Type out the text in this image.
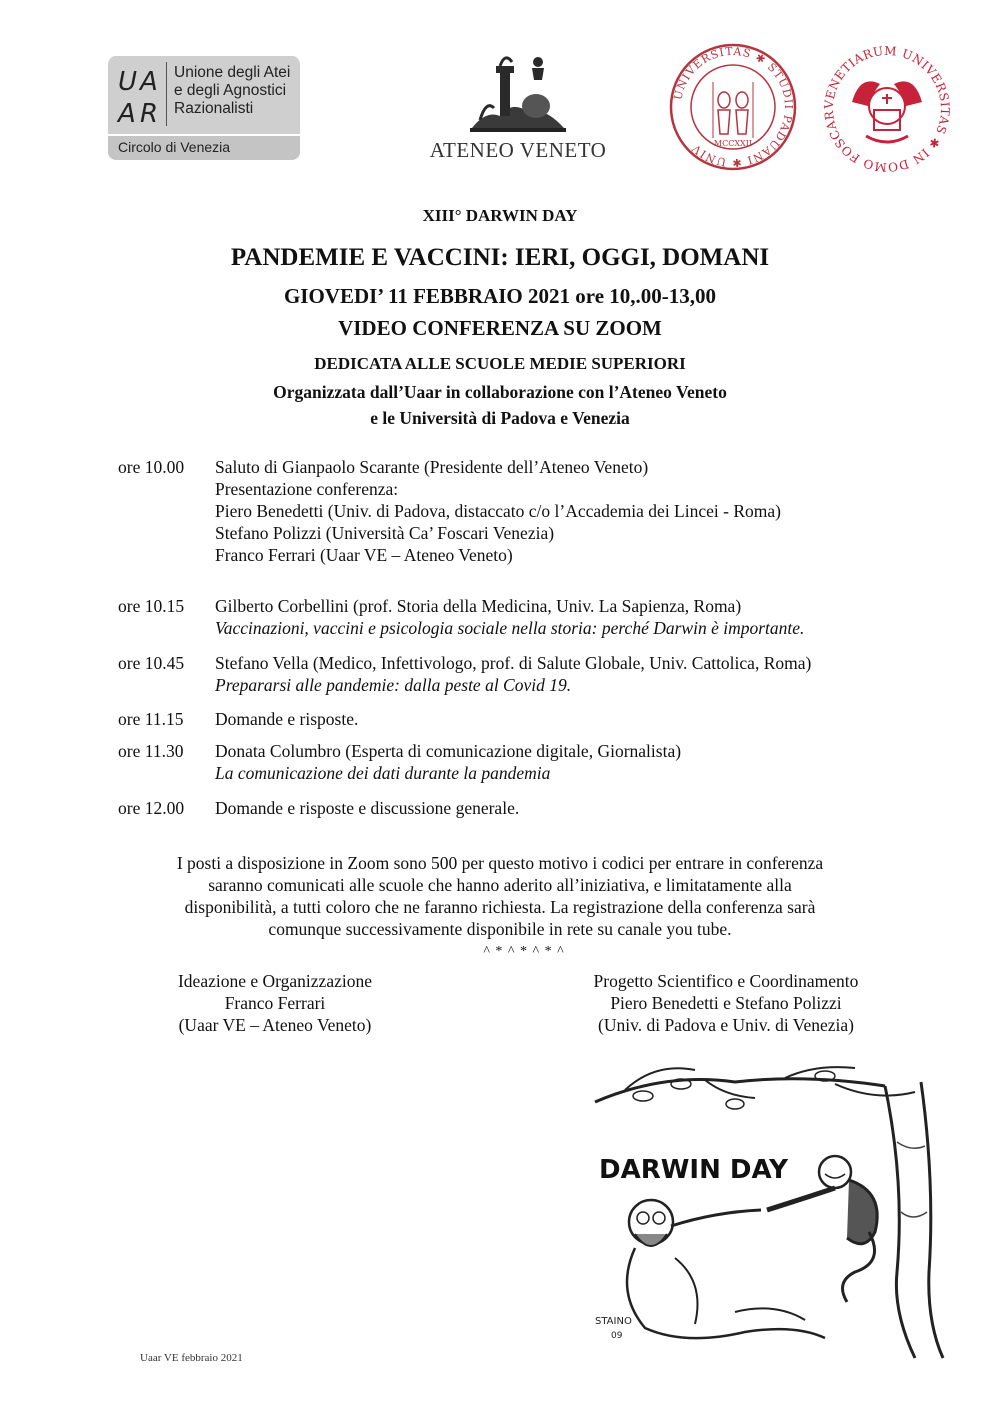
U A
A R
Unione degli Atei
e degli Agnostici
Razionalisti
Circolo di Venezia	ATENEO VENETO
UNIVERSITAS ✱ STUDII PADUANI ✱ UNIV	MCCXXII
VENETIARUM UNIVERSITAS ✱ IN DOMO FOSCAR
XIII° DARWIN DAY
PANDEMIE E VACCINI: IERI, OGGI, DOMANI
GIOVEDI’ 11 FEBBRAIO 2021 ore 10,.00-13,00
VIDEO CONFERENZA SU ZOOM
DEDICATA ALLE SCUOLE MEDIE SUPERIORI
Organizzata dall’Uaar in collaborazione con l’Ateneo Veneto
e le Università di Padova e Venezia
ore 10.00 Saluto di Gianpaolo Scarante (Presidente dell’Ateneo Veneto)
Presentazione conferenza:
Piero Benedetti (Univ. di Padova, distaccato c/o l’Accademia dei Lincei - Roma)
Stefano Polizzi (Università Ca’ Foscari Venezia)
Franco Ferrari (Uaar VE – Ateneo Veneto)
ore 10.15 Gilberto Corbellini (prof. Storia della Medicina, Univ. La Sapienza, Roma)
Vaccinazioni, vaccini e psicologia sociale nella storia: perché Darwin è importante.
ore 10.45 Stefano Vella (Medico, Infettivologo, prof. di Salute Globale, Univ. Cattolica, Roma)
Prepararsi alle pandemie: dalla peste al Covid 19.
ore 11.15 Domande e risposte.
ore 11.30 Donata Columbro (Esperta di comunicazione digitale, Giornalista)
La comunicazione dei dati durante la pandemia
ore 12.00 Domande e risposte e discussione generale.
I posti a disposizione in Zoom sono 500 per questo motivo i codici per entrare in conferenza
saranno comunicati alle scuole che hanno aderito all’iniziativa, e limitatamente alla
disponibilità, a tutti coloro che ne faranno richiesta. La registrazione della conferenza sarà
comunque successivamente disponibile in rete su canale you tube.
^ * ^ * ^ * ^
Ideazione e Organizzazione
Franco Ferrari
(Uaar VE – Ateneo Veneto)
Progetto Scientifico e Coordinamento
Piero Benedetti e Stefano Polizzi
(Univ. di Padova e Univ. di Venezia)
DARWIN DAY
STAINO
09
Uaar VE febbraio 2021
